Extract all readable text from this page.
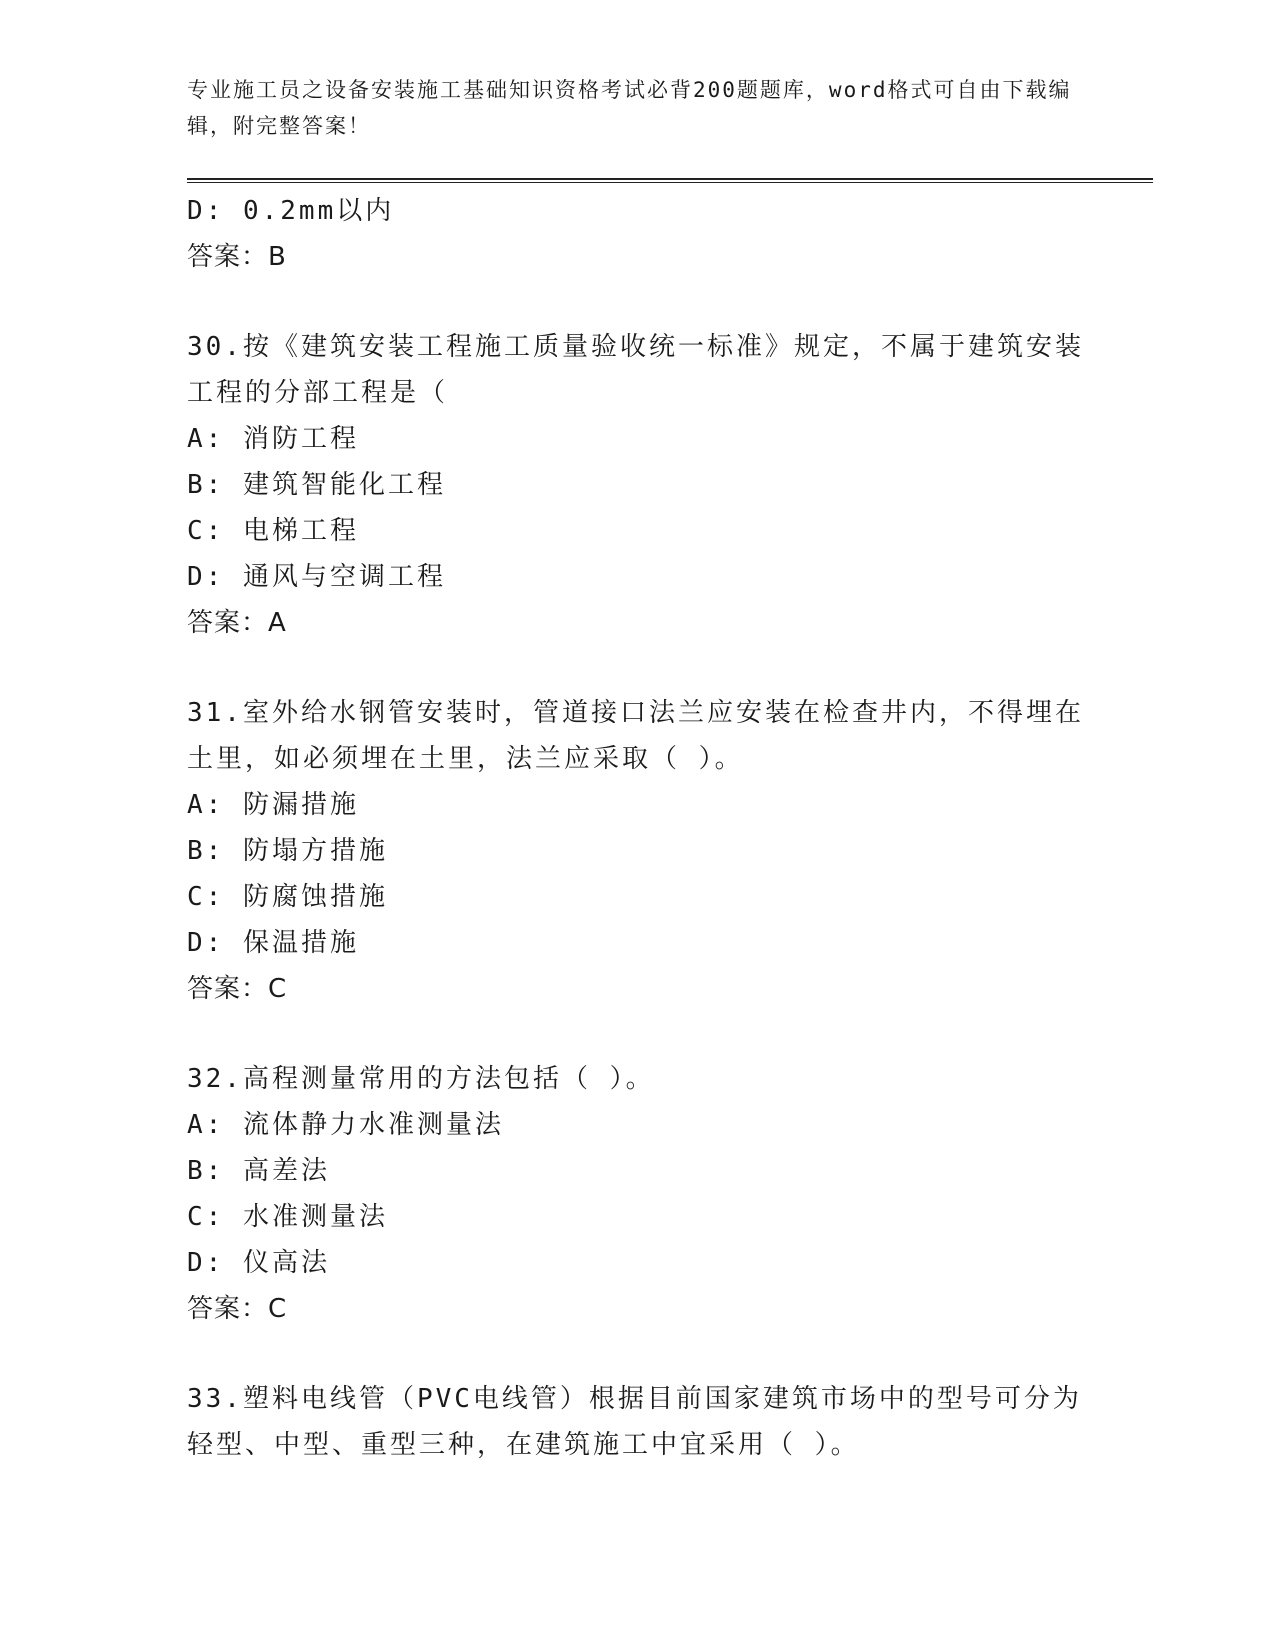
专业施工员之设备安装施工基础知识资格考试必背200题题库，word格式可自由下载编辑，附完整答案！
D: 0.2mm以内
答案：B
30.按《建筑安装工程施工质量验收统一标准》规定，不属于建筑安装工程的分部工程是（
A: 消防工程
B: 建筑智能化工程
C: 电梯工程
D: 通风与空调工程
答案：A
31.室外给水钢管安装时，管道接口法兰应安装在检查井内，不得埋在土里，如必须埋在土里，法兰应采取（ ）。
A: 防漏措施
B: 防塌方措施
C: 防腐蚀措施
D: 保温措施
答案：C
32.高程测量常用的方法包括（ ）。
A: 流体静力水准测量法
B: 高差法
C: 水准测量法
D: 仪高法
答案：C
33.塑料电线管（PVC电线管）根据目前国家建筑市场中的型号可分为轻型、中型、重型三种，在建筑施工中宜采用（ ）。
